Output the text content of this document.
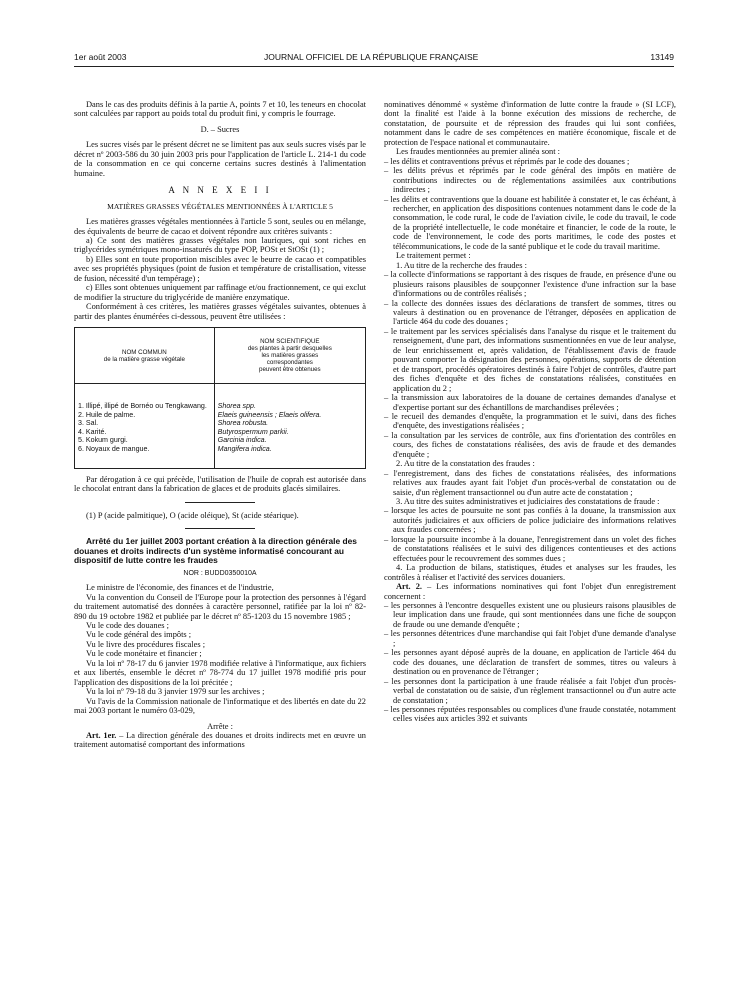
1er août 2003	JOURNAL OFFICIEL DE LA RÉPUBLIQUE FRANÇAISE	13149

Dans le cas des produits définis à la partie A, points 7 et 10, les teneurs en chocolat sont calculées par rapport au poids total du produit fini, y compris le fourrage.

D. – Sucres

Les sucres visés par le présent décret ne se limitent pas aux seuls sucres visés par le décret nº 2003-586 du 30 juin 2003 pris pour l'application de l'article L. 214-1 du code de la consommation en ce qui concerne certains sucres destinés à l'alimentation humaine.

A N N E X E I I

MATIÈRES GRASSES VÉGÉTALES MENTIONNÉES À L'ARTICLE 5

Les matières grasses végétales mentionnées à l'article 5 sont, seules ou en mélange, des équivalents de beurre de cacao et doivent répondre aux critères suivants :

a) Ce sont des matières grasses végétales non lauriques, qui sont riches en triglycérides symétriques mono-insaturés du type POP, POSt et StOSt (1) ;

b) Elles sont en toute proportion miscibles avec le beurre de cacao et compatibles avec ses propriétés physiques (point de fusion et température de cristallisation, vitesse de fusion, nécessité d'un tempérage) ;

c) Elles sont obtenues uniquement par raffinage et/ou fractionnement, ce qui exclut de modifier la structure du triglycéride de manière enzymatique.

Conformément à ces critères, les matières grasses végétales suivantes, obtenues à partir des plantes énumérées ci-dessous, peuvent être utilisées :

NOM COMMUN
de la matière grasse végétale	NOM SCIENTIFIQUE
des plantes à partir desquelles
les matières grasses
correspondantes
peuvent être obtenues
1. Illipé, illipé de Bornéo ou Tengkawang.	Shorea spp.
2. Huile de palme.	Elaeis guineensis ; Elaeis olifera.
3. Sal.	Shorea robusta.
4. Karité.	Butyrospermum parkii.
5. Kokum gurgi.	Garcinia indica.
6. Noyaux de mangue.	Mangifera indica.

Par dérogation à ce qui précède, l'utilisation de l'huile de coprah est autorisée dans le chocolat entrant dans la fabrication de glaces et de produits glacés similaires.

(1) P (acide palmitique), O (acide oléique), St (acide stéarique).

Arrêté du 1er juillet 2003 portant création à la direction générale des douanes et droits indirects d'un système informatisé concourant au dispositif de lutte contre les fraudes

NOR : BUDD0350010A

Le ministre de l'économie, des finances et de l'industrie,

Vu la convention du Conseil de l'Europe pour la protection des personnes à l'égard du traitement automatisé des données à caractère personnel, ratifiée par la loi nº 82-890 du 19 octobre 1982 et publiée par le décret nº 85-1203 du 15 novembre 1985 ;

Vu le code des douanes ;

Vu le code général des impôts ;

Vu le livre des procédures fiscales ;

Vu le code monétaire et financier ;

Vu la loi nº 78-17 du 6 janvier 1978 modifiée relative à l'informatique, aux fichiers et aux libertés, ensemble le décret nº 78-774 du 17 juillet 1978 modifié pris pour l'application des dispositions de la loi précitée ;

Vu la loi nº 79-18 du 3 janvier 1979 sur les archives ;

Vu l'avis de la Commission nationale de l'informatique et des libertés en date du 22 mai 2003 portant le numéro 03-029,

Arrête :

Art. 1er. – La direction générale des douanes et droits indirects met en œuvre un traitement automatisé comportant des informations

nominatives dénommé « système d'information de lutte contre la fraude » (SI LCF), dont la finalité est l'aide à la bonne exécution des missions de recherche, de constatation, de poursuite et de répression des fraudes qui lui sont confiées, notamment dans le cadre de ses compétences en matière économique, fiscale et de protection de l'espace national et communautaire.

Les fraudes mentionnées au premier alinéa sont :

– les délits et contraventions prévus et réprimés par le code des douanes ;

– les délits prévus et réprimés par le code général des impôts en matière de contributions indirectes ou de réglementations assimilées aux contributions indirectes ;

– les délits et contraventions que la douane est habilitée à constater et, le cas échéant, à rechercher, en application des dispositions contenues notamment dans le code de la consommation, le code rural, le code de l'aviation civile, le code du travail, le code de la propriété intellectuelle, le code monétaire et financier, le code de la route, le code de l'environnement, le code des ports maritimes, le code des postes et télécommunications, le code de la santé publique et le code du travail maritime.

Le traitement permet :

1. Au titre de la recherche des fraudes :

– la collecte d'informations se rapportant à des risques de fraude, en présence d'une ou plusieurs raisons plausibles de soupçonner l'existence d'une infraction sur la base d'informations ou de contrôles réalisés ;

– la collecte des données issues des déclarations de transfert de sommes, titres ou valeurs à destination ou en provenance de l'étranger, déposées en application de l'article 464 du code des douanes ;

– le traitement par les services spécialisés dans l'analyse du risque et le traitement du renseignement, d'une part, des informations susmentionnées en vue de leur analyse, de leur enrichissement et, après validation, de l'établissement d'avis de fraude pouvant comporter la désignation des personnes, opérations, supports de détention et de transport, procédés opératoires destinés à faire l'objet de contrôles, d'autre part des fiches d'enquête et des fiches de constatations réalisées, constituées en application du 2 ;

– la transmission aux laboratoires de la douane de certaines demandes d'analyse et d'expertise portant sur des échantillons de marchandises prélevées ;

– le recueil des demandes d'enquête, la programmation et le suivi, dans des fiches d'enquête, des investigations réalisées ;

– la consultation par les services de contrôle, aux fins d'orientation des contrôles en cours, des fiches de constatations réalisées, des avis de fraude et des demandes d'enquête ;

2. Au titre de la constatation des fraudes :

– l'enregistrement, dans des fiches de constatations réalisées, des informations relatives aux fraudes ayant fait l'objet d'un procès-verbal de constatation ou de saisie, d'un règlement transactionnel ou d'un autre acte de constatation ;

3. Au titre des suites administratives et judiciaires des constatations de fraude :

– lorsque les actes de poursuite ne sont pas confiés à la douane, la transmission aux autorités judiciaires et aux officiers de police judiciaire des informations relatives aux fraudes concernées ;

– lorsque la poursuite incombe à la douane, l'enregistrement dans un volet des fiches de constatations réalisées et le suivi des diligences contentieuses et des actions effectuées pour le recouvrement des sommes dues ;

4. La production de bilans, statistiques, études et analyses sur les fraudes, les contrôles à réaliser et l'activité des services douaniers.

Art. 2. – Les informations nominatives qui font l'objet d'un enregistrement concernent :

– les personnes à l'encontre desquelles existent une ou plusieurs raisons plausibles de leur implication dans une fraude, qui sont mentionnées dans une fiche de soupçon de fraude ou une demande d'enquête ;

– les personnes détentrices d'une marchandise qui fait l'objet d'une demande d'analyse ;

– les personnes ayant déposé auprès de la douane, en application de l'article 464 du code des douanes, une déclaration de transfert de sommes, titres ou valeurs à destination ou en provenance de l'étranger ;

– les personnes dont la participation à une fraude réalisée a fait l'objet d'un procès-verbal de constatation ou de saisie, d'un règlement transactionnel ou d'un autre acte de constatation ;

– les personnes réputées responsables ou complices d'une fraude constatée, notamment celles visées aux articles 392 et suivants
